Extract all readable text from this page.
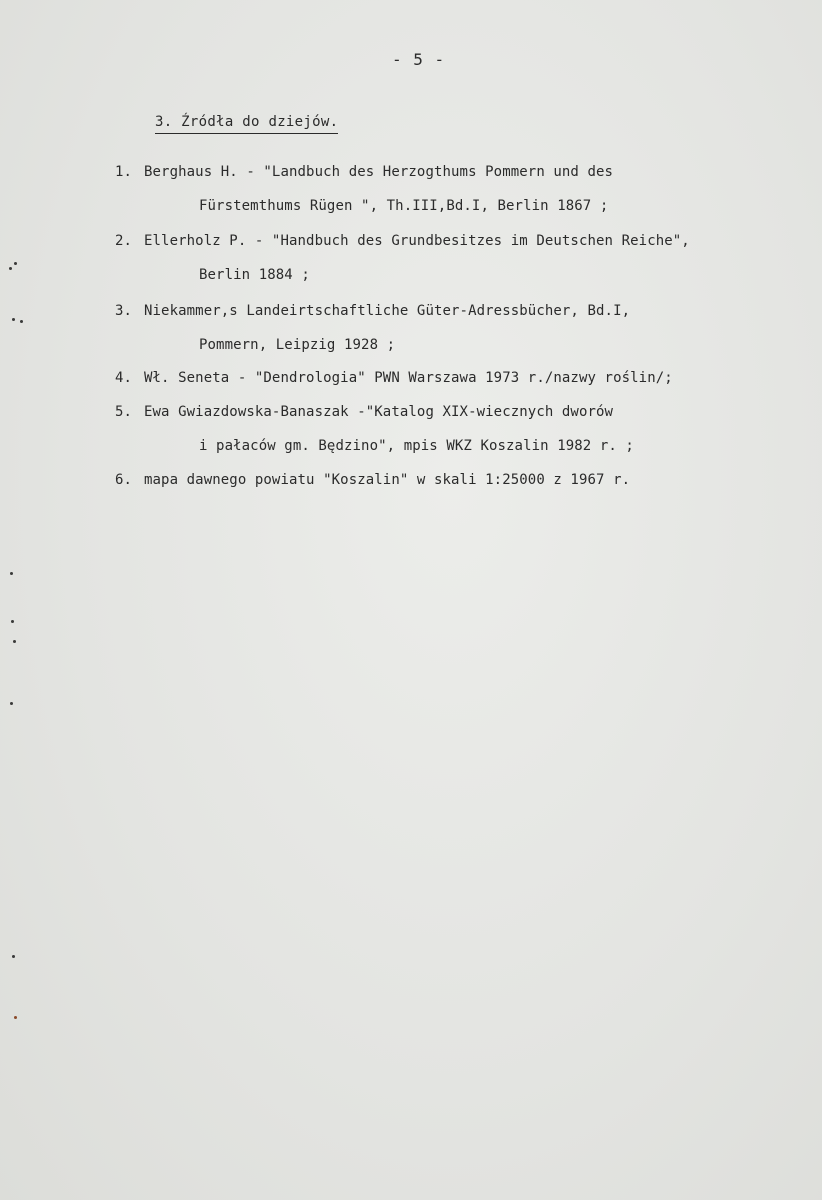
- 5 -
3. Źródła do dziejów.
1. Berghaus H. - "Landbuch des Herzogthums Pommern und des
Fürstemthums Rügen ", Th.III,Bd.I, Berlin 1867 ;
2. Ellerholz P. - "Handbuch des Grundbesitzes im Deutschen Reiche",
Berlin 1884 ;
3. Niekammer,s Landeirtschaftliche Güter-Adressbücher, Bd.I,
Pommern, Leipzig 1928 ;
4. Wł. Seneta - "Dendrologia" PWN Warszawa 1973 r./nazwy roślin/;
5. Ewa Gwiazdowska-Banaszak -"Katalog XIX-wiecznych dworów
i pałaców gm. Będzino", mpis WKZ Koszalin 1982 r. ;
6. mapa dawnego powiatu "Koszalin" w skali 1:25000 z 1967 r.
